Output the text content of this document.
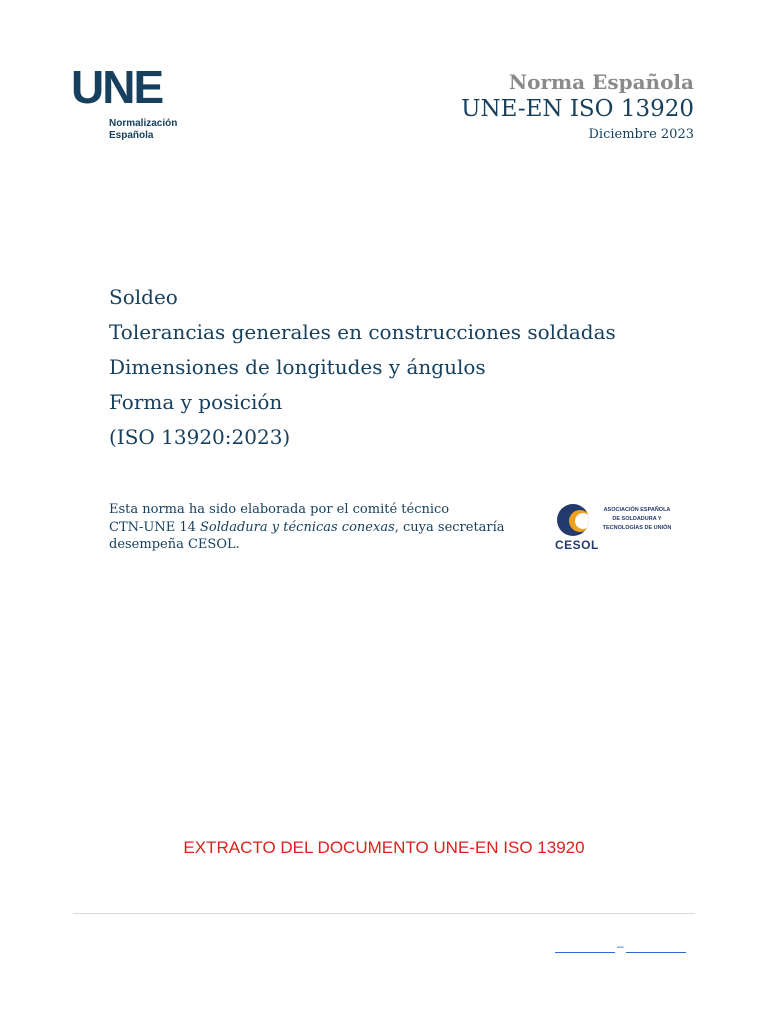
UNE
Normalización
Española
Norma Española
UNE-EN ISO 13920
Diciembre 2023
Soldeo
Tolerancias generales en construcciones soldadas
Dimensiones de longitudes y ángulos
Forma y posición
(ISO 13920:2023)
Esta norma ha sido elaborada por el comité técnico
CTN-UNE 14 Soldadura y técnicas conexas, cuya secretaría
desempeña CESOL.	CESOL
ASOCIACIÓN ESPAÑOLA
DE SOLDADURA Y
TECNOLOGÍAS DE UNIÓN
EXTRACTO DEL DOCUMENTO UNE-EN ISO 13920
–
